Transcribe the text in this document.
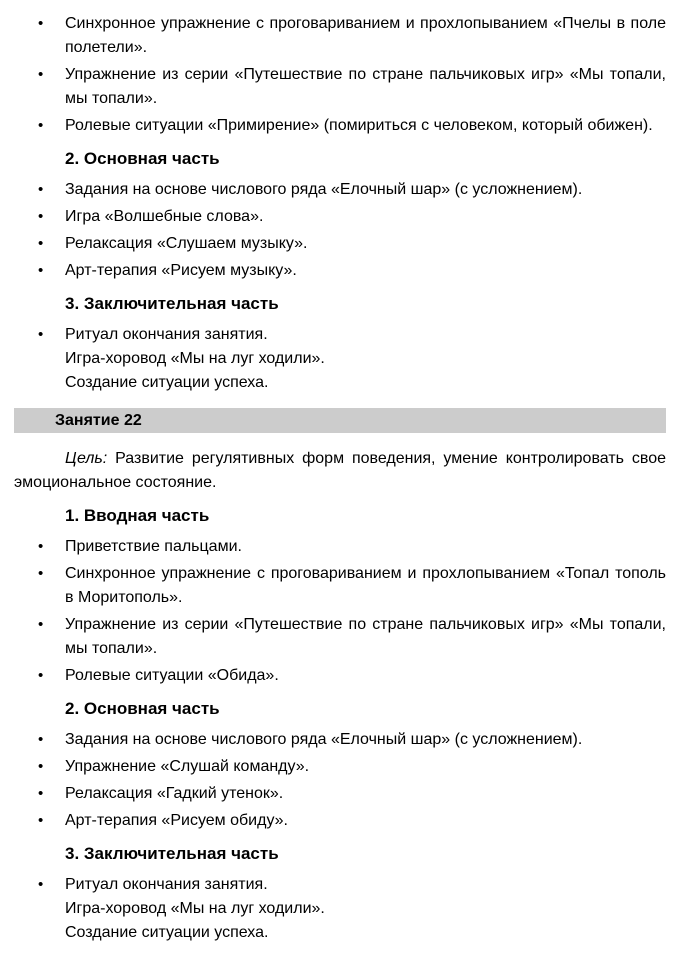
• Синхронное упражнение с проговариванием и прохлопыванием «Пчелы в поле полетели».
• Упражнение из серии «Путешествие по стране пальчиковых игр» «Мы топали, мы топали».
• Ролевые ситуации «Примирение» (помириться с человеком, который обижен).
2. Основная часть
• Задания на основе числового ряда «Елочный шар» (с усложнением).
• Игра «Волшебные слова».
• Релаксация «Слушаем музыку».
• Арт-терапия «Рисуем музыку».
3. Заключительная часть
• Ритуал окончания занятия.
Игра-хоровод «Мы на луг ходили».
Создание ситуации успеха.
Занятие 22

Цель: Развитие регулятивных форм поведения, умение контролировать свое эмоциональное состояние.

1. Вводная часть
• Приветствие пальцами.
• Синхронное упражнение с проговариванием и прохлопыванием «Топал тополь в Моритополь».
• Упражнение из серии «Путешествие по стране пальчиковых игр» «Мы топали, мы топали».
• Ролевые ситуации «Обида».
2. Основная часть
• Задания на основе числового ряда «Елочный шар» (с усложнением).
• Упражнение «Слушай команду».
• Релаксация «Гадкий утенок».
• Арт-терапия «Рисуем обиду».
3. Заключительная часть
• Ритуал окончания занятия.
Игра-хоровод «Мы на луг ходили».
Создание ситуации успеха.
